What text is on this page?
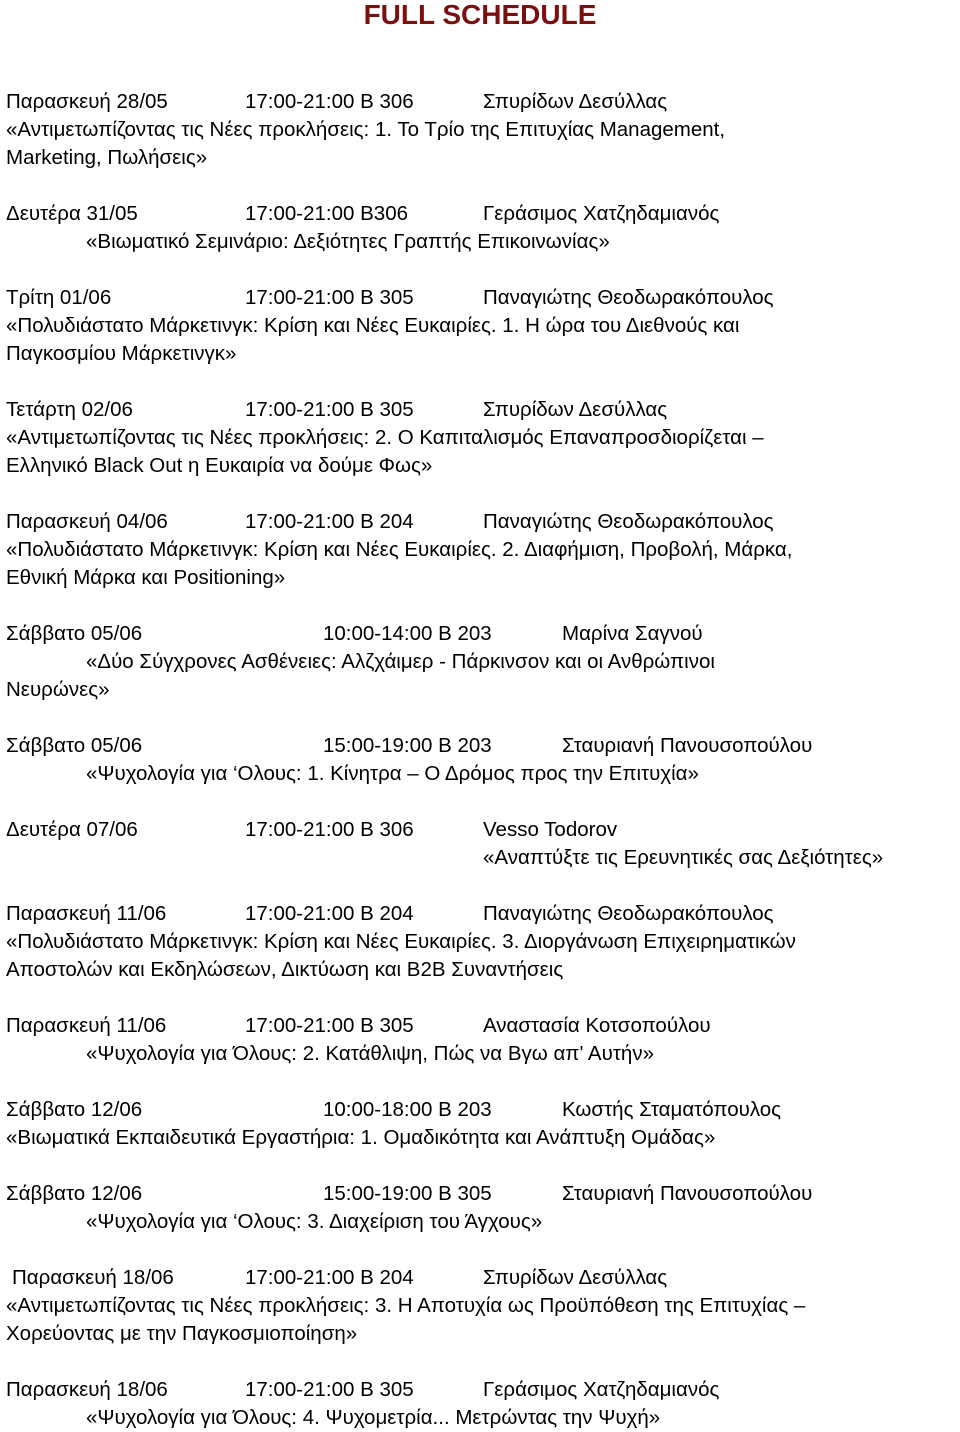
FULL SCHEDULE
Παρασκευή 28/05	17:00-21:00 B 306	Σπυρίδων Δεσύλλας
«Αντιμετωπίζοντας τις Νέες προκλήσεις: 1. Το Τρίο της Επιτυχίας Management,
Marketing, Πωλήσεις»
Δευτέρα 31/05	17:00-21:00 B306	Γεράσιμος Χατζηδαμιανός
«Βιωματικό Σεμινάριο: Δεξιότητες Γραπτής Επικοινωνίας»
Τρίτη 01/06	17:00-21:00 B 305	Παναγιώτης Θεοδωρακόπουλος
«Πολυδιάστατο Μάρκετινγκ: Κρίση και Νέες Ευκαιρίες. 1. Η ώρα του Διεθνούς και
Παγκοσμίου Μάρκετινγκ»
Τετάρτη 02/06	17:00-21:00 B 305	Σπυρίδων Δεσύλλας
«Αντιμετωπίζοντας τις Νέες προκλήσεις: 2. Ο Καπιταλισμός Επαναπροσδιορίζεται –
Ελληνικό Black Out η Ευκαιρία να δούμε Φως»
Παρασκευή 04/06	17:00-21:00 B 204	Παναγιώτης Θεοδωρακόπουλος
«Πολυδιάστατο Μάρκετινγκ: Κρίση και Νέες Ευκαιρίες. 2. Διαφήμιση, Προβολή, Μάρκα,
Εθνική Μάρκα και Positioning»
Σάββατο 05/06	10:00-14:00 B 203	Μαρίνα Σαγνού
«Δύο Σύγχρονες Ασθένειες: Αλζχάιμερ - Πάρκινσον και οι Ανθρώπινοι
Νευρώνες»
Σάββατο 05/06	15:00-19:00 B 203	Σταυριανή Πανουσοπούλου
«Ψυχολογία για ‘Ολους: 1. Κίνητρα – Ο Δρόμος προς την Επιτυχία»
Δευτέρα 07/06	17:00-21:00 B 306	Vesso Todorov
«Αναπτύξτε τις Ερευνητικές σας Δεξιότητες»
Παρασκευή 11/06	17:00-21:00 B 204	Παναγιώτης Θεοδωρακόπουλος
«Πολυδιάστατο Μάρκετινγκ: Κρίση και Νέες Ευκαιρίες. 3. Διοργάνωση Επιχειρηματικών
Αποστολών και Εκδηλώσεων, Δικτύωση και B2B Συναντήσεις
Παρασκευή 11/06	17:00-21:00 B 305	Αναστασία Κοτσοπούλου
«Ψυχολογία για Όλους: 2. Κατάθλιψη, Πώς να Βγω απ' Αυτήν»
Σάββατο 12/06	10:00-18:00 B 203	Κωστής Σταματόπουλος
«Βιωματικά Εκπαιδευτικά Εργαστήρια: 1. Ομαδικότητα και Ανάπτυξη Ομάδας»
Σάββατο 12/06	15:00-19:00 B 305	Σταυριανή Πανουσοπούλου
«Ψυχολογία για ‘Ολους: 3. Διαχείριση του Άγχους»
Παρασκευή 18/06	17:00-21:00 B 204	Σπυρίδων Δεσύλλας
«Αντιμετωπίζοντας τις Νέες προκλήσεις: 3. Η Αποτυχία ως Προϋπόθεση της Επιτυχίας –
Χορεύοντας με την Παγκοσμιοποίηση»
Παρασκευή 18/06	17:00-21:00 B 305	Γεράσιμος Χατζηδαμιανός
«Ψυχολογία για Όλους: 4. Ψυχομετρία... Μετρώντας την Ψυχή»
